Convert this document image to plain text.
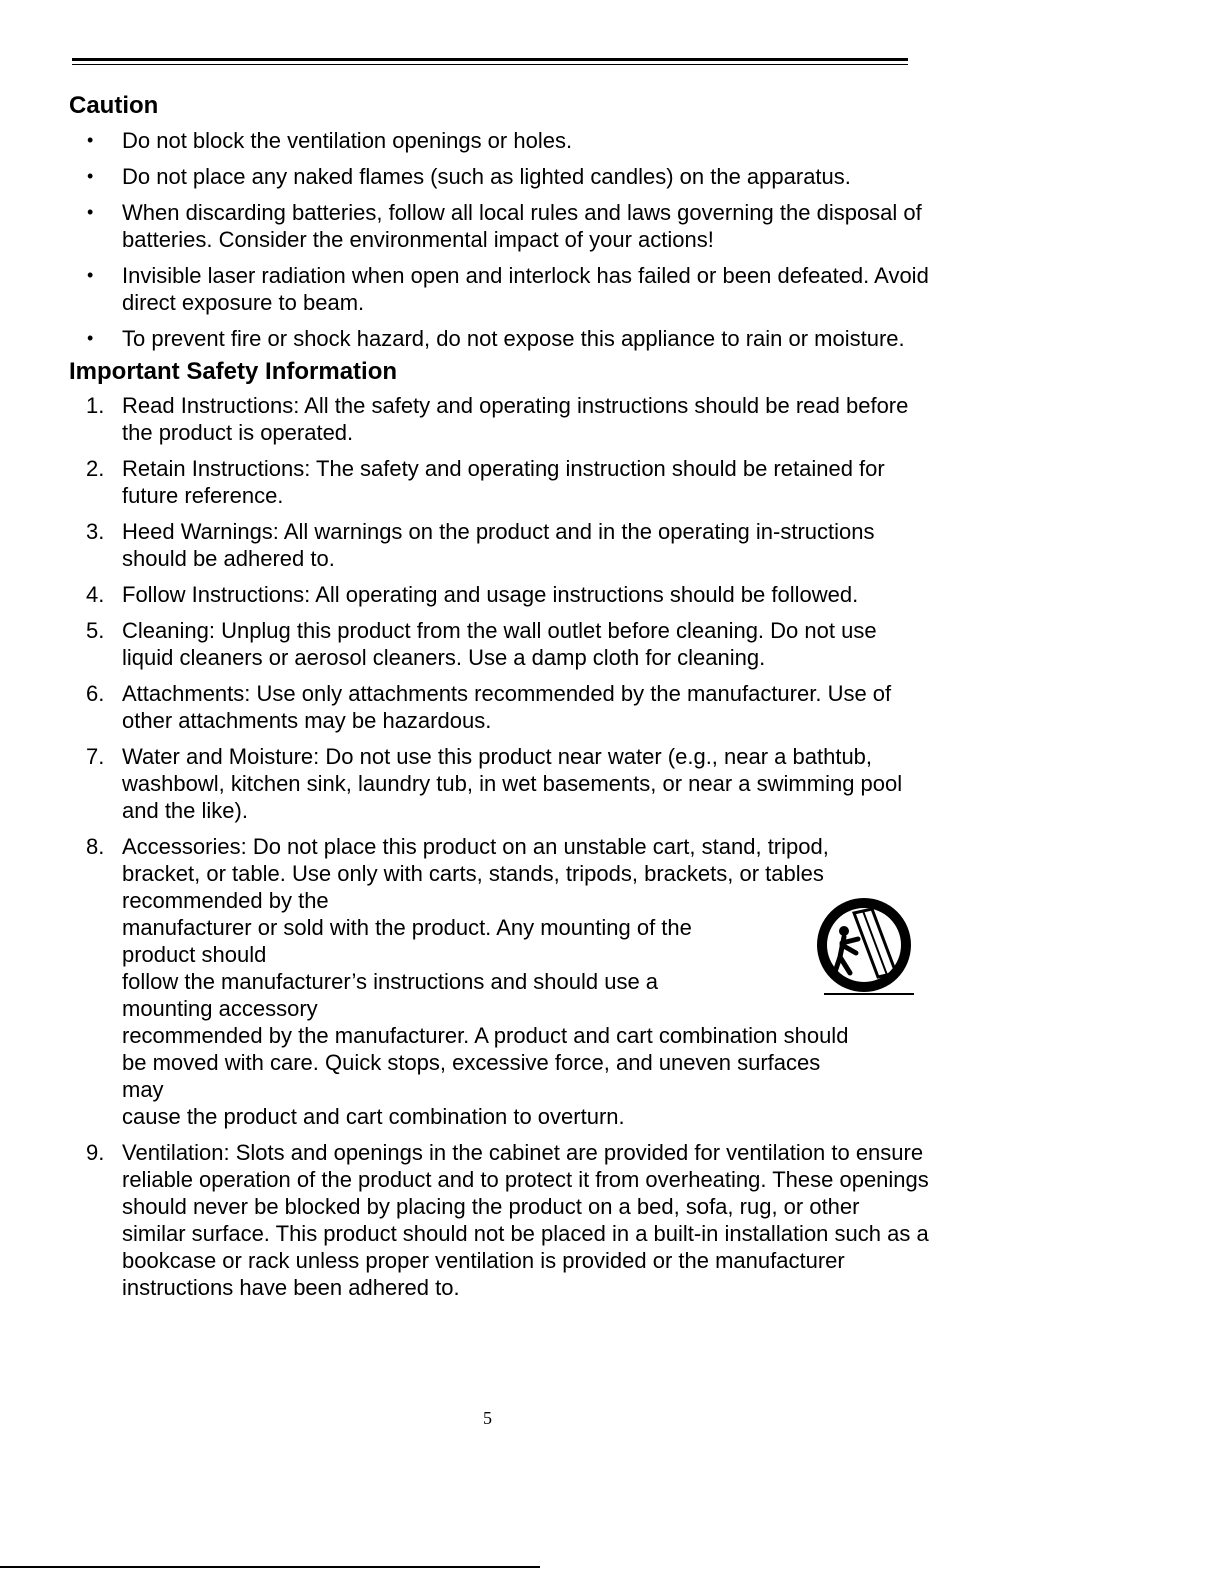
Caution
• Do not block the ventilation openings or holes.
• Do not place any naked flames (such as lighted candles) on the apparatus.
• When discarding batteries, follow all local rules and laws governing the disposal of batteries. Consider the environmental impact of your actions!
• Invisible laser radiation when open and interlock has failed or been defeated. Avoid direct exposure to beam.
• To prevent fire or shock hazard, do not expose this appliance to rain or moisture.
Important Safety Information
1. Read Instructions: All the safety and operating instructions should be read before the product is operated.
2. Retain Instructions: The safety and operating instruction should be retained for future reference.
3. Heed Warnings: All warnings on the product and in the operating in-structions should be adhered to.
4. Follow Instructions: All operating and usage instructions should be followed.
5. Cleaning: Unplug this product from the wall outlet before cleaning. Do not use liquid cleaners or aerosol cleaners. Use a damp cloth for cleaning.
6. Attachments: Use only attachments recommended by the manufacturer. Use of other attachments may be hazardous.
7. Water and Moisture: Do not use this product near water (e.g., near a bathtub, washbowl, kitchen sink, laundry tub, in wet basements, or near a swimming pool and the like).
8. Accessories: Do not place this product on an unstable cart, stand, tripod,
bracket, or table. Use only with carts, stands, tripods, brackets, or tables
recommended by the
manufacturer or sold with the product. Any mounting of the
product should
follow the manufacturer’s instructions and should use a
mounting accessory
recommended by the manufacturer. A product and cart combination should
be moved with care. Quick stops, excessive force, and uneven surfaces
may
cause the product and cart combination to overturn.
9. Ventilation: Slots and openings in the cabinet are provided for ventilation to ensure reliable operation of the product and to protect it from overheating. These openings should never be blocked by placing the product on a bed, sofa, rug, or other similar surface. This product should not be placed in a built-in installation such as a bookcase or rack unless proper ventilation is provided or the manufacturer instructions have been adhered to.
5
